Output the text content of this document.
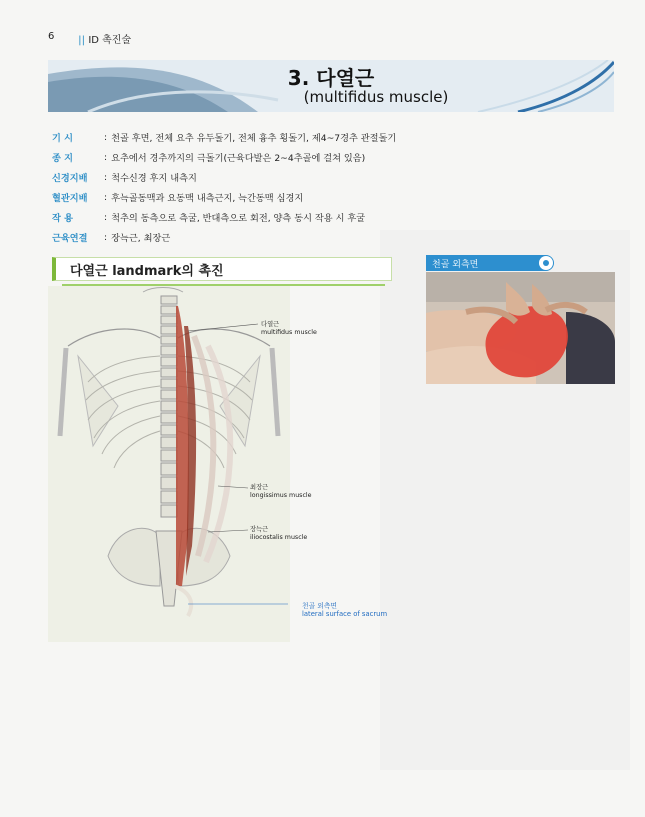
6 || ID 촉진술
3. 다열근
(multifidus muscle)
기 시	: 천골 후면, 전체 요추 유두돌기, 전체 흉추 횡돌기, 제4~7경추 관절돌기
종 지	: 요추에서 경추까지의 극돌기(근육다발은 2~4추골에 걸쳐 있음)
신경지배	: 척수신경 후지 내측지
혈관지배	: 후늑골동맥과 요동맥 내측근지, 늑간동맥 심경지
작 용	: 척추의 동측으로 측굴, 반대측으로 회전, 양측 동시 작용 시 후굴
근육연결	: 장늑근, 최장근
다열근 landmark의 촉진
다열근
multifidus muscle
최장근
longissimus muscle
장늑근
iliocostalis muscle
천골 외측면
lateral surface of sacrum
천골 외측면
